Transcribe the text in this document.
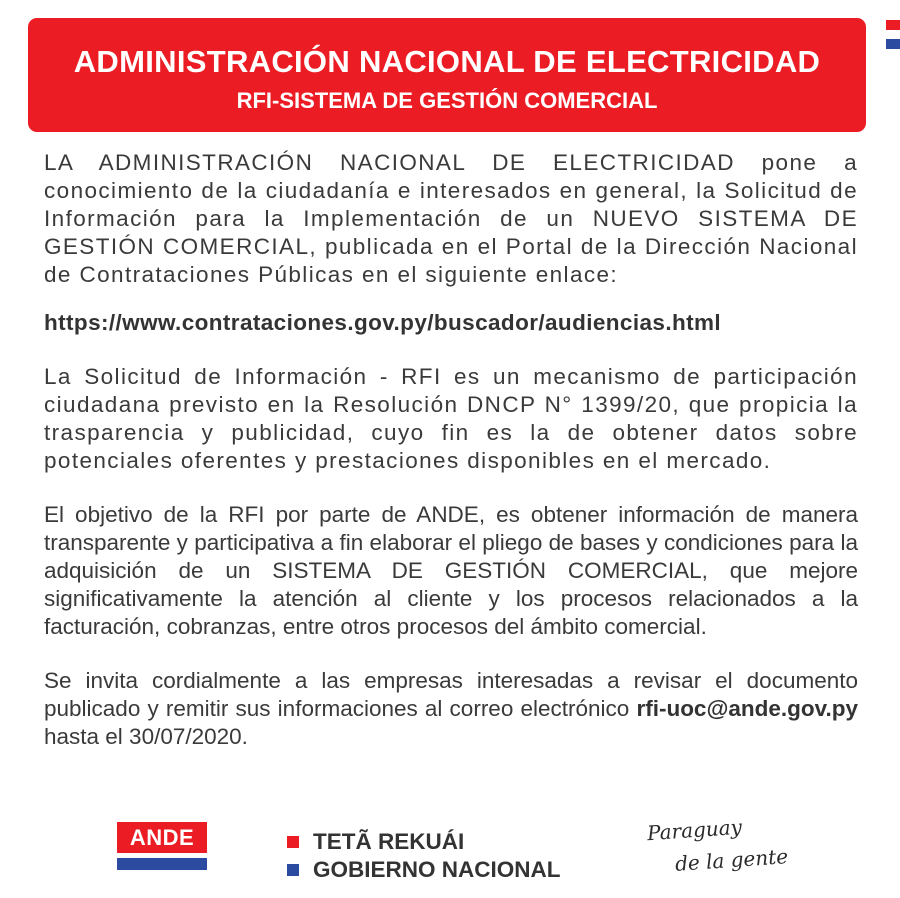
ADMINISTRACIÓN NACIONAL DE ELECTRICIDAD
RFI-SISTEMA DE GESTIÓN COMERCIAL

LA ADMINISTRACIÓN NACIONAL DE ELECTRICIDAD pone a conocimiento de la ciudadanía e interesados en general, la Solicitud de Información para la Implementación de un NUEVO SISTEMA DE GESTIÓN COMERCIAL, publicada en el Portal de la Dirección Nacional de Contrataciones Públicas en el siguiente enlace:

https://www.contrataciones.gov.py/buscador/audiencias.html

La Solicitud de Información - RFI es un mecanismo de participación ciudadana previsto en la Resolución DNCP N° 1399/20, que propicia la trasparencia y publicidad, cuyo fin es la de obtener datos sobre potenciales oferentes y prestaciones disponibles en el mercado.

El objetivo de la RFI por parte de ANDE, es obtener información de manera transparente y participativa a fin elaborar el pliego de bases y condiciones para la adquisición de un SISTEMA DE GESTIÓN COMERCIAL, que mejore significativamente la atención al cliente y los procesos relacionados a la facturación, cobranzas, entre otros procesos del ámbito comercial.

Se invita cordialmente a las empresas interesadas a revisar el documento publicado y remitir sus informaciones al correo electrónico rfi-uoc@ande.gov.py hasta el 30/07/2020.

ANDE	TETÃ REKUÁI
GOBIERNO NACIONAL
Paraguay
de la gente
